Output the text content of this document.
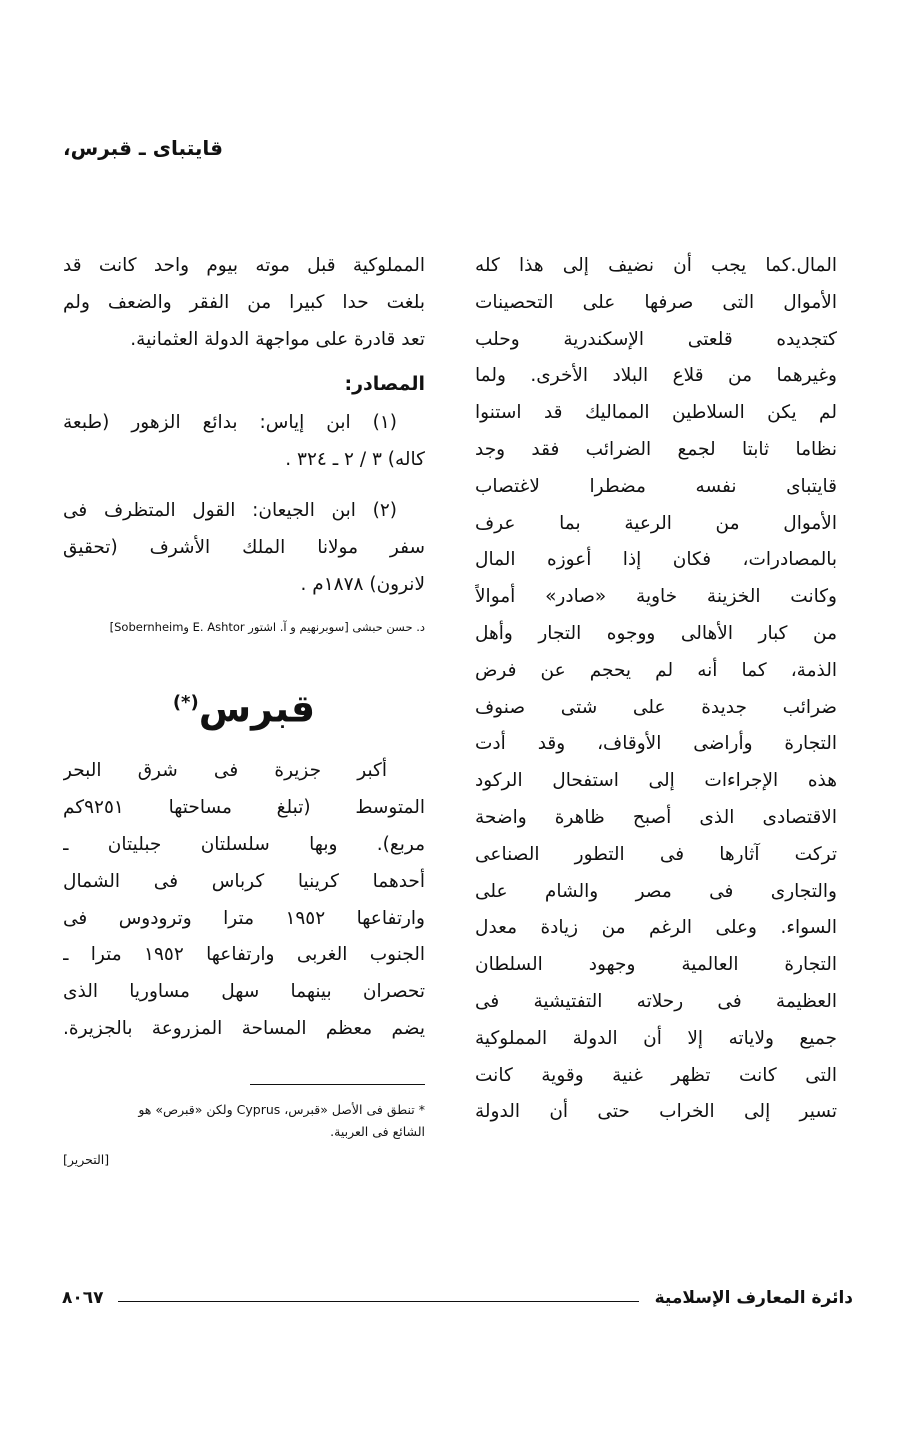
قايتباى ـ قبرس،
المال.كما يجب أن نضيف إلى هذا كله
الأموال التى صرفها على التحصينات
كتجديده قلعتى الإسكندرية وحلب
وغيرهما من قلاع البلاد الأخرى. ولما
لم يكن السلاطين المماليك قد استنوا
نظاما ثابتا لجمع الضرائب فقد وجد
قايتباى نفسه مضطرا لاغتصاب
الأموال من الرعية بما عرف
بالمصادرات، فكان إذا أعوزه المال
وكانت الخزينة خاوية «صادر» أموالاً
من كبار الأهالى ووجوه التجار وأهل
الذمة، كما أنه لم يحجم عن فرض
ضرائب جديدة على شتى صنوف
التجارة وأراضى الأوقاف، وقد أدت
هذه الإجراءات إلى استفحال الركود
الاقتصادى الذى أصبح ظاهرة واضحة
تركت آثارها فى التطور الصناعى
والتجارى فى مصر والشام على
السواء. وعلى الرغم من زيادة معدل
التجارة العالمية وجهود السلطان
العظيمة فى رحلاته التفتيشية فى
جميع ولاياته إلا أن الدولة المملوكية
التى كانت تظهر غنية وقوية كانت
تسير إلى الخراب حتى أن الدولة
المملوكية قبل موته بيوم واحد كانت قد
بلغت حدا كبيرا من الفقر والضعف ولم
تعد قادرة على مواجهة الدولة العثمانية.
المصادر:
(١) ابن إياس: بدائع الزهور (طبعة
كاله) ٣ / ٢ ـ ٣٢٤ .
(٢) ابن الجيعان: القول المتظرف فى
سفر مولانا الملك الأشرف (تحقيق
لانرون) ١٨٧٨م .
د. حسن حبشى [سوبرنهيم و آ. اشتور E. Ashtor وSobernheim]
قبرس(*)
أكبر جزيرة فى شرق البحر
المتوسط (تبلغ مساحتها ٩٢٥١كم
مربع). وبها سلسلتان جبليتان ـ
أحدهما كرينيا كرباس فى الشمال
وارتفاعها ١٩٥٢ مترا وترودوس فى
الجنوب الغربى وارتفاعها ١٩٥٢ مترا ـ
تحصران بينهما سهل مساوريا الذى
يضم معظم المساحة المزروعة بالجزيرة.
* تنطق فى الأصل «قبرس، Cyprus ولكن «قبرص» هو
الشائع فى العربية.
[التحرير]
دائرة المعارف الإسلامية
٨٠٦٧
